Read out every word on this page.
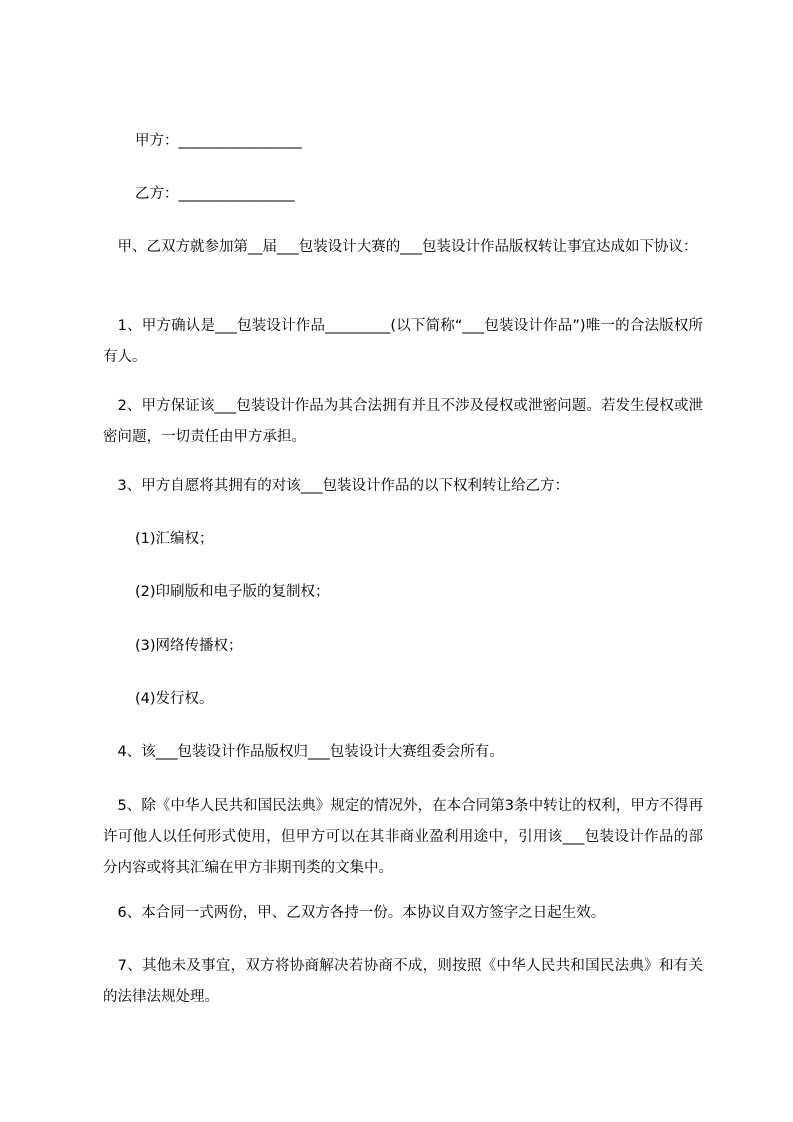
甲方：_________________

乙方：________________

　甲、乙双方就参加第__届___包装设计大赛的___包装设计作品版权转让事宜达成如下协议：

　1、甲方确认是___包装设计作品_________(以下简称“___包装设计作品”)唯一的合法版权所有人。

　2、甲方保证该___包装设计作品为其合法拥有并且不涉及侵权或泄密问题。若发生侵权或泄密问题，一切责任由甲方承担。

　3、甲方自愿将其拥有的对该___包装设计作品的以下权利转让给乙方：

(1)汇编权；

(2)印刷版和电子版的复制权；

(3)网络传播权；

(4)发行权。

　4、该___包装设计作品版权归___包装设计大赛组委会所有。

　5、除《中华人民共和国民法典》规定的情况外，在本合同第3条中转让的权利，甲方不得再许可他人以任何形式使用，但甲方可以在其非商业盈利用途中，引用该___包装设计作品的部分内容或将其汇编在甲方非期刊类的文集中。

　6、本合同一式两份，甲、乙双方各持一份。本协议自双方签字之日起生效。

　7、其他未及事宜，双方将协商解决若协商不成，则按照《中华人民共和国民法典》和有关的法律法规处理。
